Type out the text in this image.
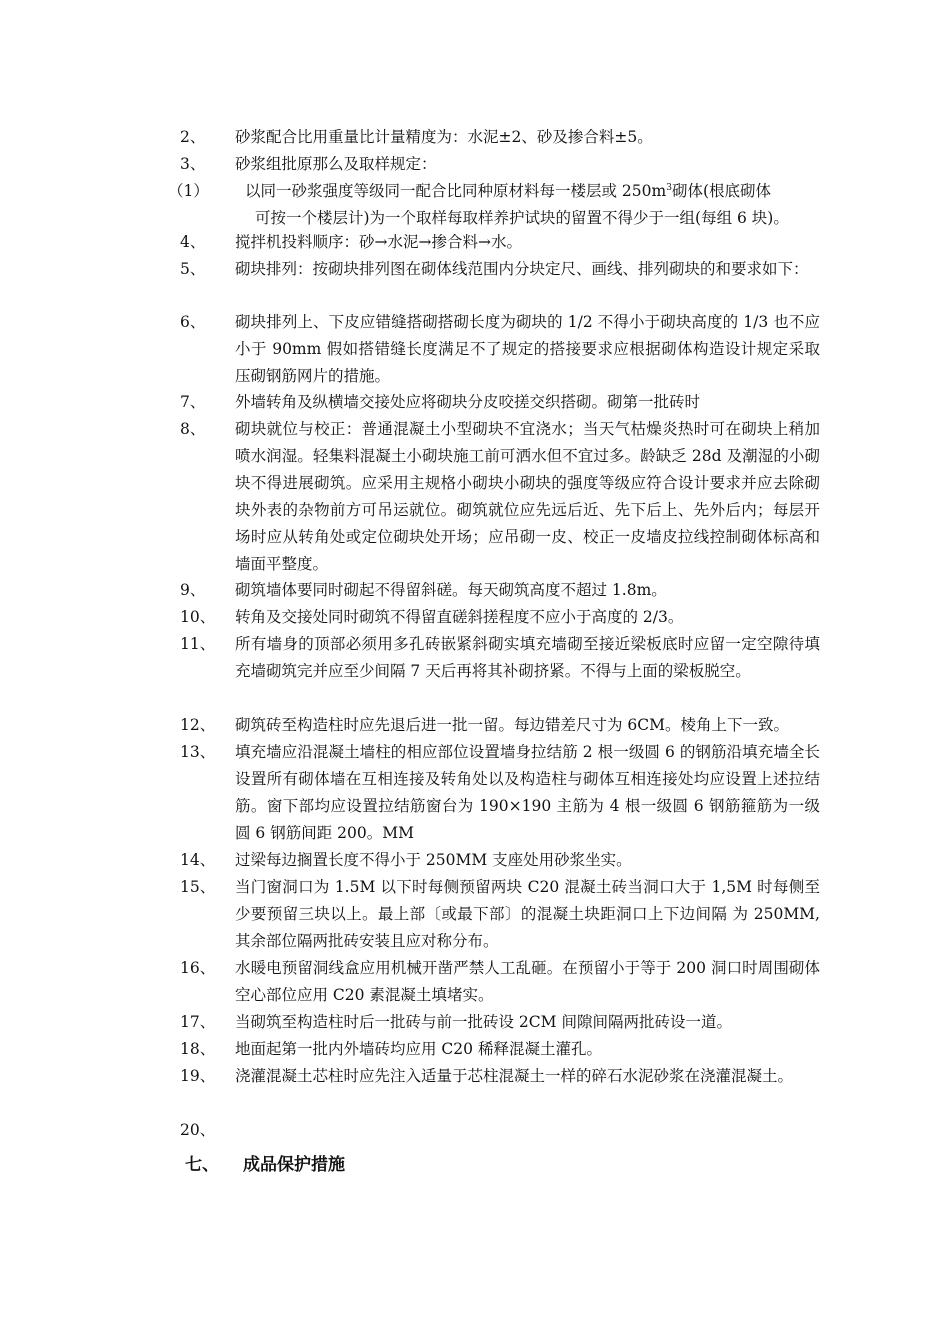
2、 砂浆配合比用重量比计量精度为：水泥±2、砂及掺合料±5。
3、 砂浆组批原那么及取样规定：
（1） 以同一砂浆强度等级同一配合比同种原材料每一楼层或 $250m^3$砌体(根底砌体
可按一个楼层计)为一个取样每取样养护试块的留置不得少于一组(每组 6 块)。
4、 搅拌机投料顺序：砂→水泥→掺合料→水。
5、 砌块排列：按砌块排列图在砌体线范围内分块定尺、画线、排列砌块的和要求如下：
6、 砌块排列上、下皮应错缝搭砌搭砌长度为砌块的 1/2 不得小于砌块高度的 1/3 也不应小于 90mm 假如搭错缝长度满足不了规定的搭接要求应根据砌体构造设计规定采取压砌钢筋网片的措施。
7、 外墙转角及纵横墙交接处应将砌块分皮咬搓交织搭砌。砌第一批砖时
8、 砌块就位与校正：普通混凝土小型砌块不宜浇水；当天气枯燥炎热时可在砌块上稍加喷水润湿。轻集料混凝土小砌块施工前可洒水但不宜过多。龄缺乏 28d 及潮湿的小砌块不得进展砌筑。应采用主规格小砌块小砌块的强度等级应符合设计要求并应去除砌块外表的杂物前方可吊运就位。砌筑就位应先远后近、先下后上、先外后内；每层开场时应从转角处或定位砌块处开场；应吊砌一皮、校正一皮墙皮拉线控制砌体标高和墙面平整度。
9、 砌筑墙体要同时砌起不得留斜磋。每天砌筑高度不超过 1.8m。
10、 转角及交接处同时砌筑不得留直磋斜搓程度不应小于高度的 2/3。
11、 所有墙身的顶部必须用多孔砖嵌紧斜砌实填充墙砌至接近梁板底时应留一定空隙待填充墙砌筑完并应至少间隔 7 天后再将其补砌挤紧。不得与上面的梁板脱空。
12、 砌筑砖至构造柱时应先退后进一批一留。每边错差尺寸为 6CM。棱角上下一致。
13、 填充墙应沿混凝土墙柱的相应部位设置墙身拉结筋 2 根一级圆 6 的钢筋沿填充墙全长设置所有砌体墙在互相连接及转角处以及构造柱与砌体互相连接处均应设置上述拉结筋。窗下部均应设置拉结筋窗台为 190×190 主筋为 4 根一级圆 6 钢筋箍筋为一级圆 6 钢筋间距 200。MM
14、 过梁每边搁置长度不得小于 250MM 支座处用砂浆坐实。
15、 当门窗洞口为 1.5M 以下时每侧预留两块 C20 混凝土砖当洞口大于 1,5M 时每侧至少要预留三块以上。最上部〔或最下部〕的混凝土块距洞口上下边间隔 为 250MM,其余部位隔两批砖安装且应对称分布。
16、 水暖电预留洞线盒应用机械开凿严禁人工乱砸。在预留小于等于 200 洞口时周围砌体空心部位应用 C20 素混凝土填堵实。
17、 当砌筑至构造柱时后一批砖与前一批砖设 2CM 间隙间隔两批砖设一道。
18、 地面起第一批内外墙砖均应用 C20 稀释混凝土灌孔。
19、 浇灌混凝土芯柱时应先注入适量于芯柱混凝土一样的碎石水泥砂浆在浇灌混凝土。
20、
七、 成品保护措施
